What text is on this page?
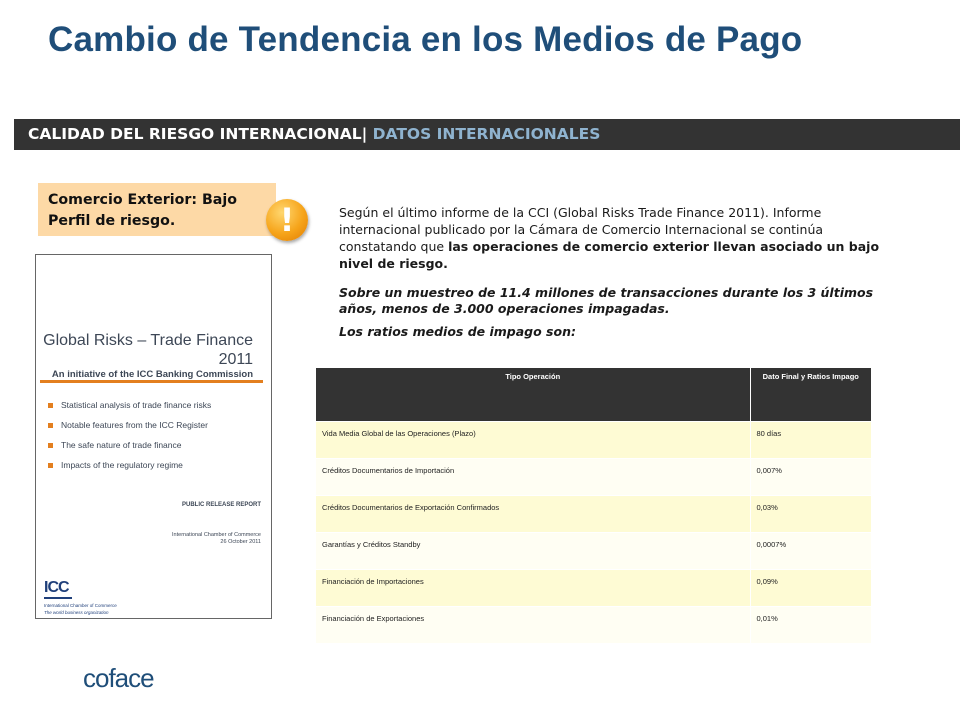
Cambio de Tendencia en los Medios de Pago
CALIDAD DEL RIESGO INTERNACIONAL| DATOS INTERNACIONALES
Comercio Exterior: Bajo Perfil de riesgo.	!
Global Risks – Trade Finance 2011
An initiative of the ICC Banking Commission
Statistical analysis of trade finance risks
Notable features from the ICC Register
The safe nature of trade finance
Impacts of the regulatory regime
PUBLIC RELEASE REPORT
International Chamber of Commerce
26 October 2011
ICC
International Chamber of Commerce
The world business organization

Según el último informe de la CCI (Global Risks Trade Finance 2011). Informe internacional publicado por la Cámara de Comercio Internacional se continúa constatando que las operaciones de comercio exterior llevan asociado un bajo nivel de riesgo.

Sobre un muestreo de 11.4 millones de transacciones durante los 3 últimos años, menos de 3.000 operaciones impagadas.

Los ratios medios de impago son:

Tipo Operación	Dato Final y Ratios Impago
Vida Media Global de las Operaciones (Plazo)	80 días
Créditos Documentarios de Importación	0,007%
Créditos Documentarios de Exportación Confirmados	0,03%
Garantías y Créditos Standby	0,0007%
Financiación de Importaciones	0,09%
Financiación de Exportaciones	0,01%
coface
